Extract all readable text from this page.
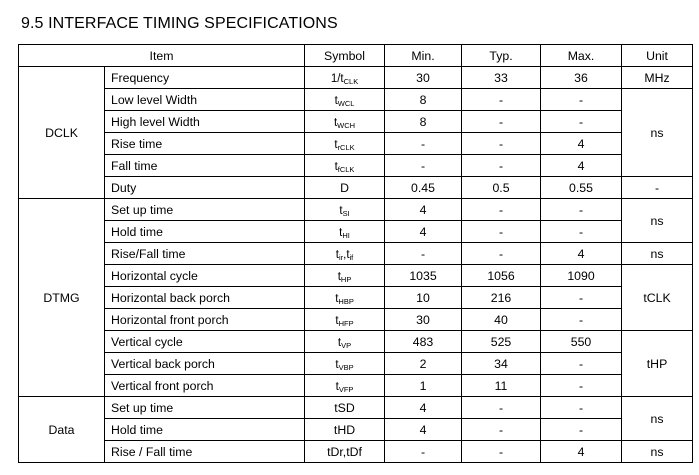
9.5 INTERFACE TIMING SPECIFICATIONS
Item		Symbol	Min.	Typ.	Max.	Unit
DCLK	Frequency	$1/t_{CLK}$	30	33	36	MHz
	Low level Width	$t_{WCL}$	8	-	-	ns
	High level Width	$t_{WCH}$	8	-	-	
	Rise time	$t_{rCLK}$	-	-	4	
	Fall time	$t_{fCLK}$	-	-	4	
	Duty	D	0.45	0.5	0.55	-
DTMG	Set up time	$t_{SI}$	4	-	-	ns
	Hold time	$t_{HI}$	4	-	-	
	Rise/Fall time	$t_{ir},t_{if}$	-	-	4	ns
	Horizontal cycle	$t_{HP}$	1035	1056	1090	tCLK
	Horizontal back porch	$t_{HBP}$	10	216	-	
	Horizontal front porch	$t_{HFP}$	30	40	-	
	Vertical cycle	$t_{VP}$	483	525	550	tHP
	Vertical back porch	$t_{VBP}$	2	34	-	
	Vertical front porch	$t_{VFP}$	1	11	-	
Data	Set up time	tSD	4	-	-	ns
	Hold time	tHD	4	-	-	
	Rise / Fall time	tDr,tDf	-	-	4	ns
